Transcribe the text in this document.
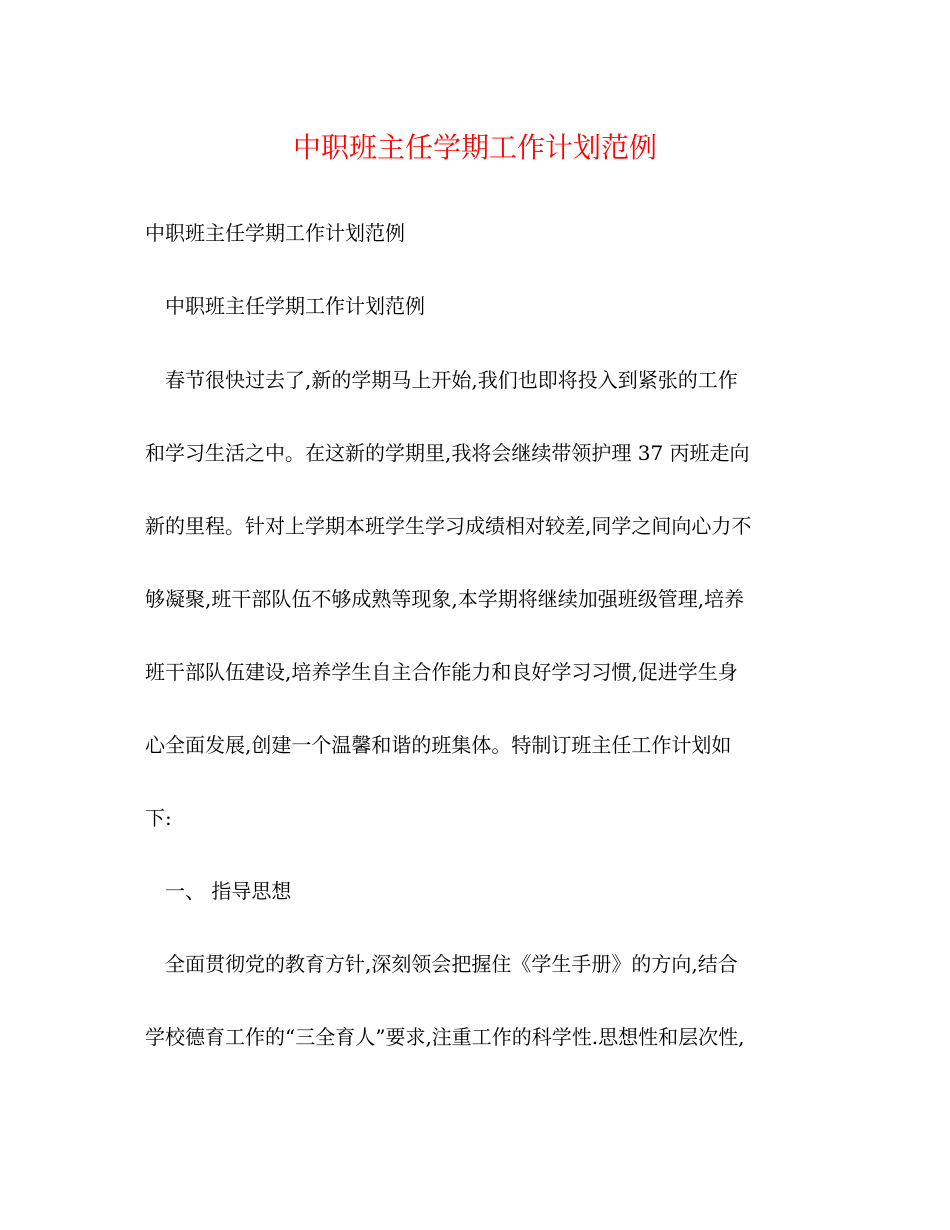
中职班主任学期工作计划范例

中职班主任学期工作计划范例

中职班主任学期工作计划范例

春节很快过去了,新的学期马上开始,我们也即将投入到紧张的工作

和学习生活之中。在这新的学期里,我将会继续带领护理 37 丙班走向

新的里程。针对上学期本班学生学习成绩相对较差,同学之间向心力不

够凝聚,班干部队伍不够成熟等现象,本学期将继续加强班级管理,培养

班干部队伍建设,培养学生自主合作能力和良好学习习惯,促进学生身

心全面发展,创建一个温馨和谐的班集体。特制订班主任工作计划如

下:

一、 指导思想

全面贯彻党的教育方针,深刻领会把握住《学生手册》的方向,结合

学校德育工作的“三全育人”要求,注重工作的科学性.思想性和层次性,
